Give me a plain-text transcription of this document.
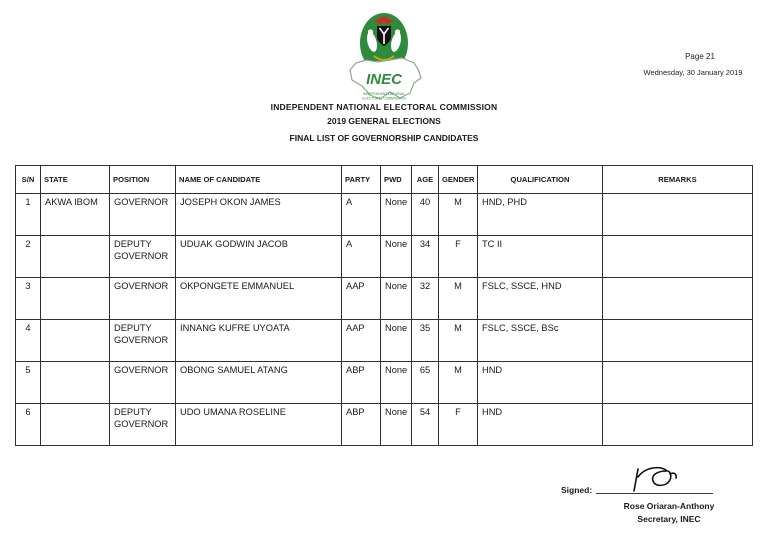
Page 21
Wednesday, 30 January 2019
INEC
INDEPENDENT NATIONAL
ELECTORAL COMMISSION
INDEPENDENT NATIONAL ELECTORAL COMMISSION
2019 GENERAL ELECTIONS
FINAL LIST OF GOVERNORSHIP CANDIDATES
S/N	STATE	POSITION	NAME OF CANDIDATE	PARTY	PWD	AGE	GENDER	QUALIFICATION	REMARKS
1	AKWA IBOM	GOVERNOR	JOSEPH OKON JAMES	A	None	40	M	HND, PHD	
2		DEPUTY GOVERNOR	UDUAK GODWIN JACOB	A	None	34	F	TC II	
3		GOVERNOR	OKPONGETE EMMANUEL	AAP	None	32	M	FSLC, SSCE, HND	
4		DEPUTY GOVERNOR	INNANG KUFRE UYOATA	AAP	None	35	M	FSLC, SSCE, BSc	
5		GOVERNOR	OBONG SAMUEL ATANG	ABP	None	65	M	HND	
6		DEPUTY GOVERNOR	UDO UMANA ROSELINE	ABP	None	54	F	HND	
Signed:
Rose Oriaran-Anthony
Secretary, INEC
